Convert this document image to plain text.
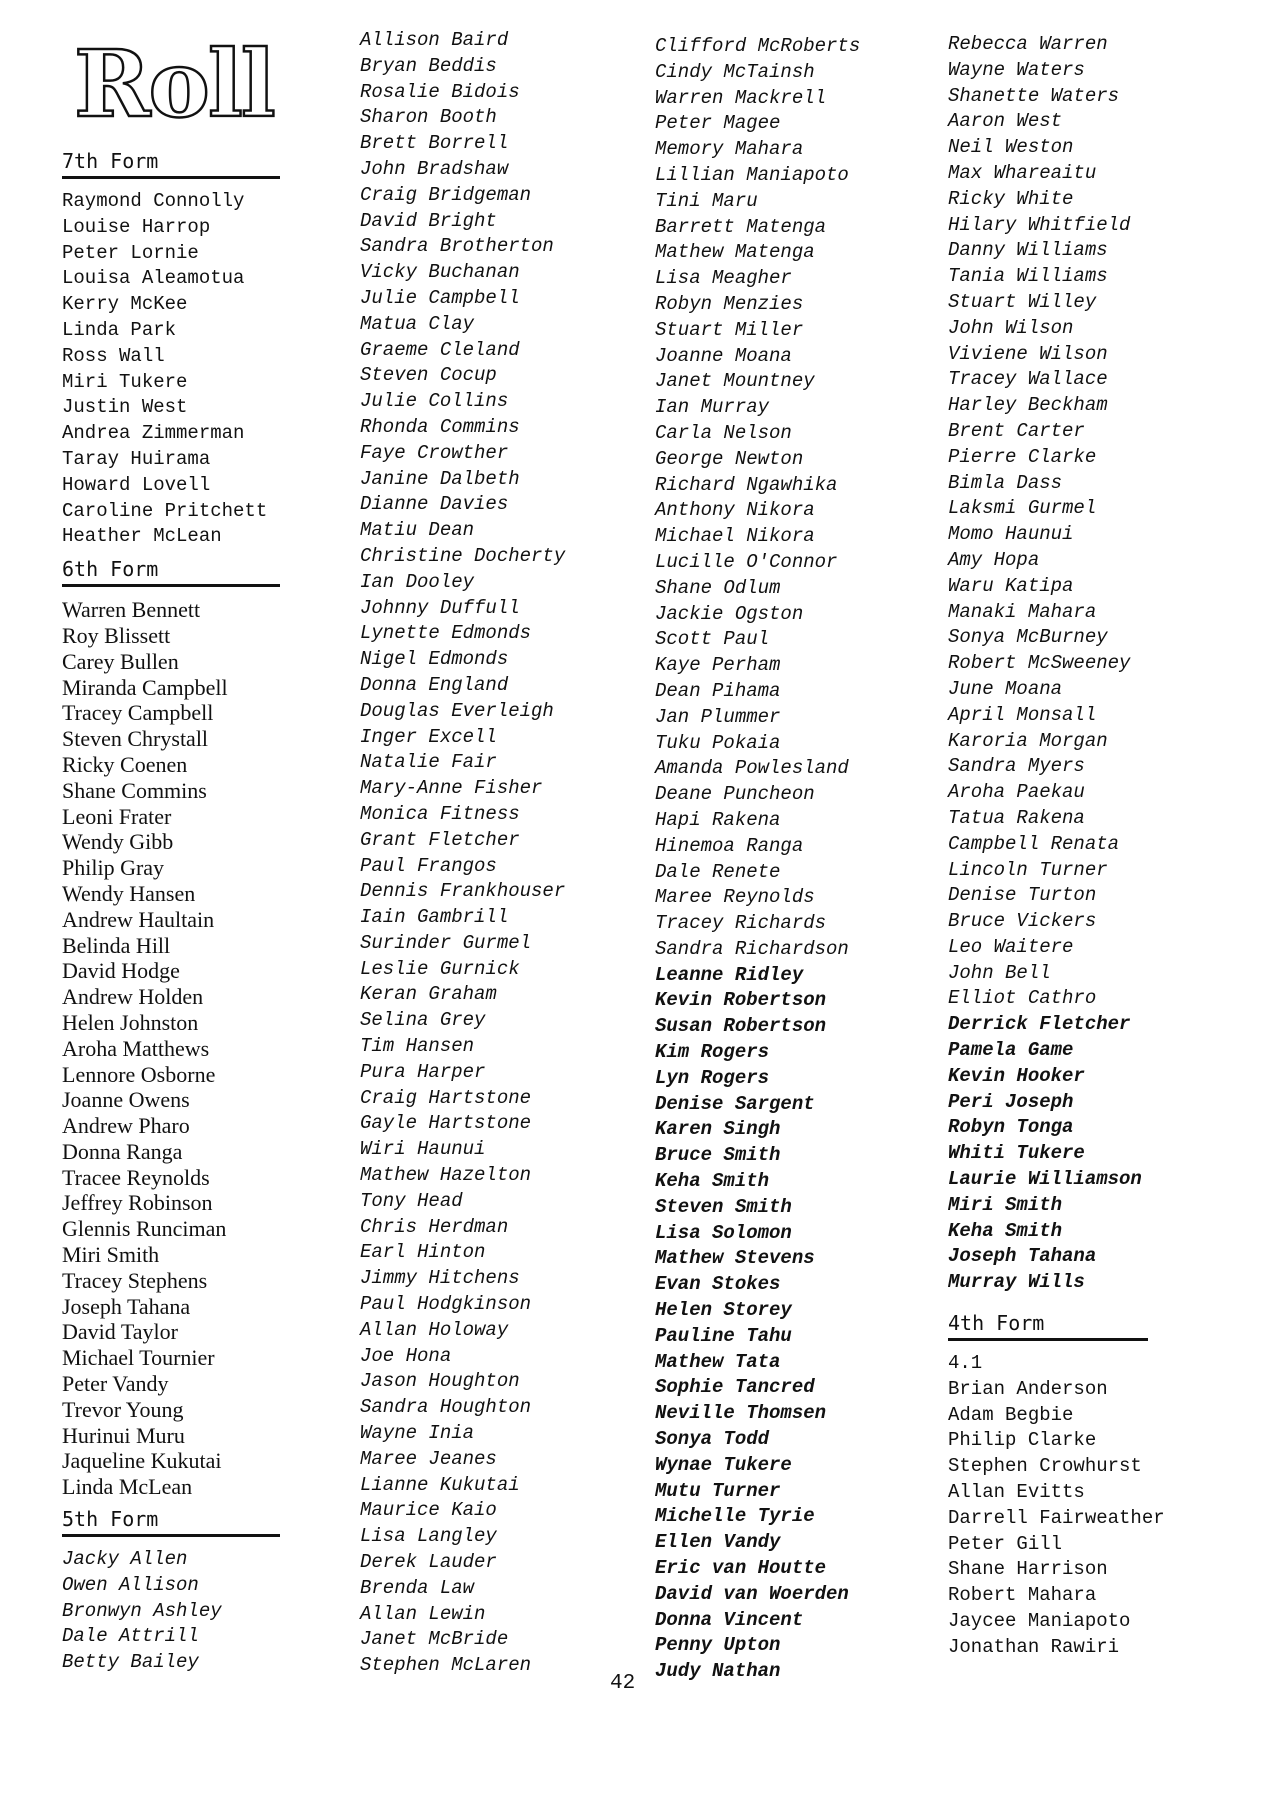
Roll
7th Form
Raymond Connolly
Louise Harrop
Peter Lornie
Louisa Aleamotua
Kerry McKee
Linda Park
Ross Wall
Miri Tukere
Justin West
Andrea Zimmerman
Taray Huirama
Howard Lovell
Caroline Pritchett
Heather McLean
6th Form
Warren Bennett
Roy Blissett
Carey Bullen
Miranda Campbell
Tracey Campbell
Steven Chrystall
Ricky Coenen
Shane Commins
Leoni Frater
Wendy Gibb
Philip Gray
Wendy Hansen
Andrew Haultain
Belinda Hill
David Hodge
Andrew Holden
Helen Johnston
Aroha Matthews
Lennore Osborne
Joanne Owens
Andrew Pharo
Donna Ranga
Tracee Reynolds
Jeffrey Robinson
Glennis Runciman
Miri Smith
Tracey Stephens
Joseph Tahana
David Taylor
Michael Tournier
Peter Vandy
Trevor Young
Hurinui Muru
Jaqueline Kukutai
Linda McLean
5th Form
Jacky Allen
Owen Allison
Bronwyn Ashley
Dale Attrill
Betty Bailey
Allison Baird
Bryan Beddis
Rosalie Bidois
Sharon Booth
Brett Borrell
John Bradshaw
Craig Bridgeman
David Bright
Sandra Brotherton
Vicky Buchanan
Julie Campbell
Matua Clay
Graeme Cleland
Steven Cocup
Julie Collins
Rhonda Commins
Faye Crowther
Janine Dalbeth
Dianne Davies
Matiu Dean
Christine Docherty
Ian Dooley
Johnny Duffull
Lynette Edmonds
Nigel Edmonds
Donna England
Douglas Everleigh
Inger Excell
Natalie Fair
Mary-Anne Fisher
Monica Fitness
Grant Fletcher
Paul Frangos
Dennis Frankhouser
Iain Gambrill
Surinder Gurmel
Leslie Gurnick
Keran Graham
Selina Grey
Tim Hansen
Pura Harper
Craig Hartstone
Gayle Hartstone
Wiri Haunui
Mathew Hazelton
Tony Head
Chris Herdman
Earl Hinton
Jimmy Hitchens
Paul Hodgkinson
Allan Holoway
Joe Hona
Jason Houghton
Sandra Houghton
Wayne Inia
Maree Jeanes
Lianne Kukutai
Maurice Kaio
Lisa Langley
Derek Lauder
Brenda Law
Allan Lewin
Janet McBride
Stephen McLaren
Clifford McRoberts
Cindy McTainsh
Warren Mackrell
Peter Magee
Memory Mahara
Lillian Maniapoto
Tini Maru
Barrett Matenga
Mathew Matenga
Lisa Meagher
Robyn Menzies
Stuart Miller
Joanne Moana
Janet Mountney
Ian Murray
Carla Nelson
George Newton
Richard Ngawhika
Anthony Nikora
Michael Nikora
Lucille O'Connor
Shane Odlum
Jackie Ogston
Scott Paul
Kaye Perham
Dean Pihama
Jan Plummer
Tuku Pokaia
Amanda Powlesland
Deane Puncheon
Hapi Rakena
Hinemoa Ranga
Dale Renete
Maree Reynolds
Tracey Richards
Sandra Richardson
Leanne Ridley
Kevin Robertson
Susan Robertson
Kim Rogers
Lyn Rogers
Denise Sargent
Karen Singh
Bruce Smith
Keha Smith
Steven Smith
Lisa Solomon
Mathew Stevens
Evan Stokes
Helen Storey
Pauline Tahu
Mathew Tata
Sophie Tancred
Neville Thomsen
Sonya Todd
Wynae Tukere
Mutu Turner
Michelle Tyrie
Ellen Vandy
Eric van Houtte
David van Woerden
Donna Vincent
Penny Upton
Judy Nathan
Rebecca Warren
Wayne Waters
Shanette Waters
Aaron West
Neil Weston
Max Whareaitu
Ricky White
Hilary Whitfield
Danny Williams
Tania Williams
Stuart Willey
John Wilson
Viviene Wilson
Tracey Wallace
Harley Beckham
Brent Carter
Pierre Clarke
Bimla Dass
Laksmi Gurmel
Momo Haunui
Amy Hopa
Waru Katipa
Manaki Mahara
Sonya McBurney
Robert McSweeney
June Moana
April Monsall
Karoria Morgan
Sandra Myers
Aroha Paekau
Tatua Rakena
Campbell Renata
Lincoln Turner
Denise Turton
Bruce Vickers
Leo Waitere
John Bell
Elliot Cathro
Derrick Fletcher
Pamela Game
Kevin Hooker
Peri Joseph
Robyn Tonga
Whiti Tukere
Laurie Williamson
Miri Smith
Keha Smith
Joseph Tahana
Murray Wills
4th Form
4.1
Brian Anderson
Adam Begbie
Philip Clarke
Stephen Crowhurst
Allan Evitts
Darrell Fairweather
Peter Gill
Shane Harrison
Robert Mahara
Jaycee Maniapoto
Jonathan Rawiri
42
